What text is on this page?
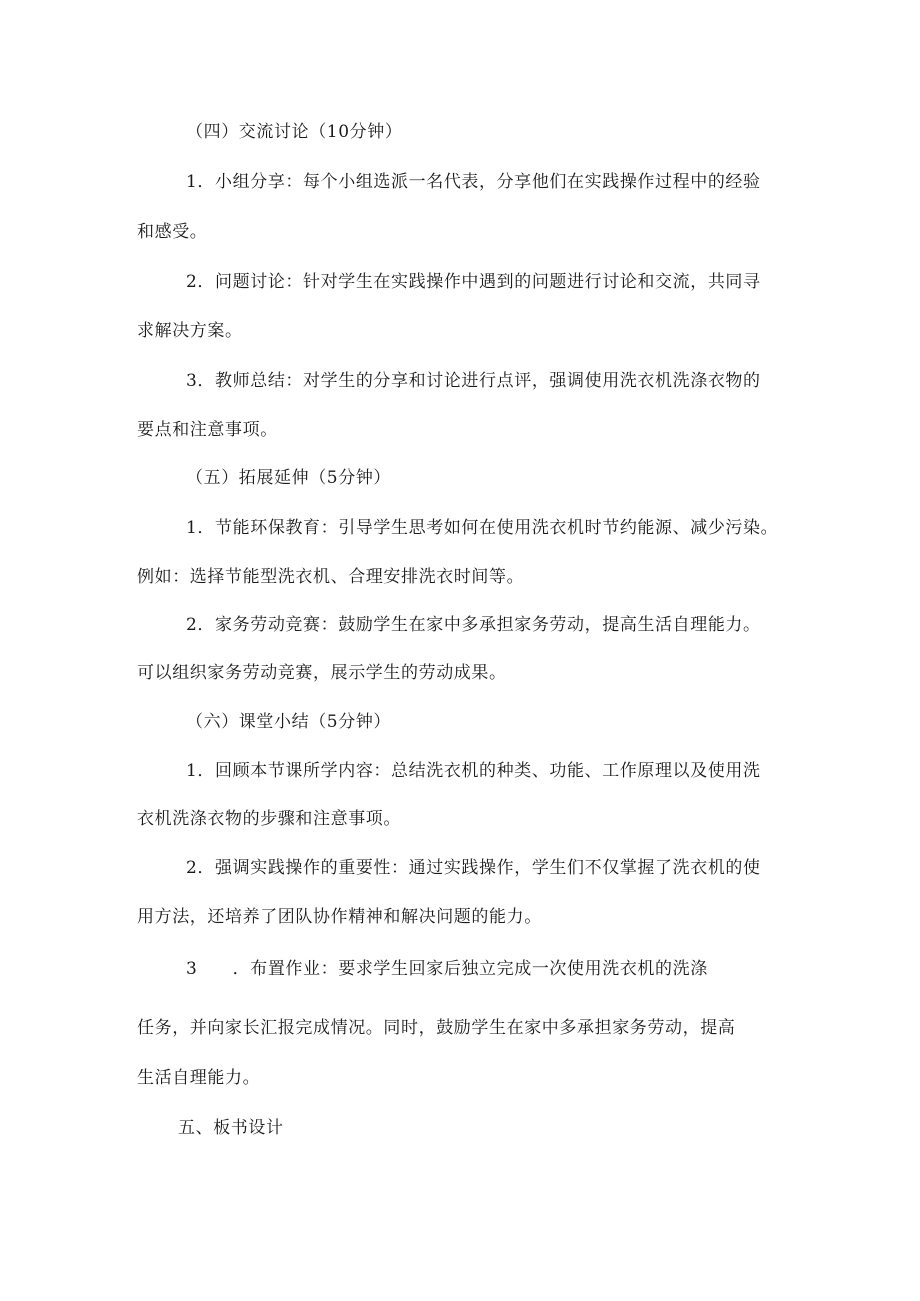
（四）交流讨论（10分钟）
1．小组分享：每个小组选派一名代表，分享他们在实践操作过程中的经验
和感受。
2．问题讨论：针对学生在实践操作中遇到的问题进行讨论和交流，共同寻
求解决方案。
3．教师总结：对学生的分享和讨论进行点评，强调使用洗衣机洗涤衣物的
要点和注意事项。
（五）拓展延伸（5分钟）
1．节能环保教育：引导学生思考如何在使用洗衣机时节约能源、减少污染。
例如：选择节能型洗衣机、合理安排洗衣时间等。
2．家务劳动竞赛：鼓励学生在家中多承担家务劳动，提高生活自理能力。
可以组织家务劳动竞赛，展示学生的劳动成果。
（六）课堂小结（5分钟）
1．回顾本节课所学内容：总结洗衣机的种类、功能、工作原理以及使用洗
衣机洗涤衣物的步骤和注意事项。
2．强调实践操作的重要性：通过实践操作，学生们不仅掌握了洗衣机的使
用方法，还培养了团队协作精神和解决问题的能力。
3　　．布置作业：要求学生回家后独立完成一次使用洗衣机的洗涤
任务，并向家长汇报完成情况。同时，鼓励学生在家中多承担家务劳动，提高
生活自理能力。
五、板书设计
